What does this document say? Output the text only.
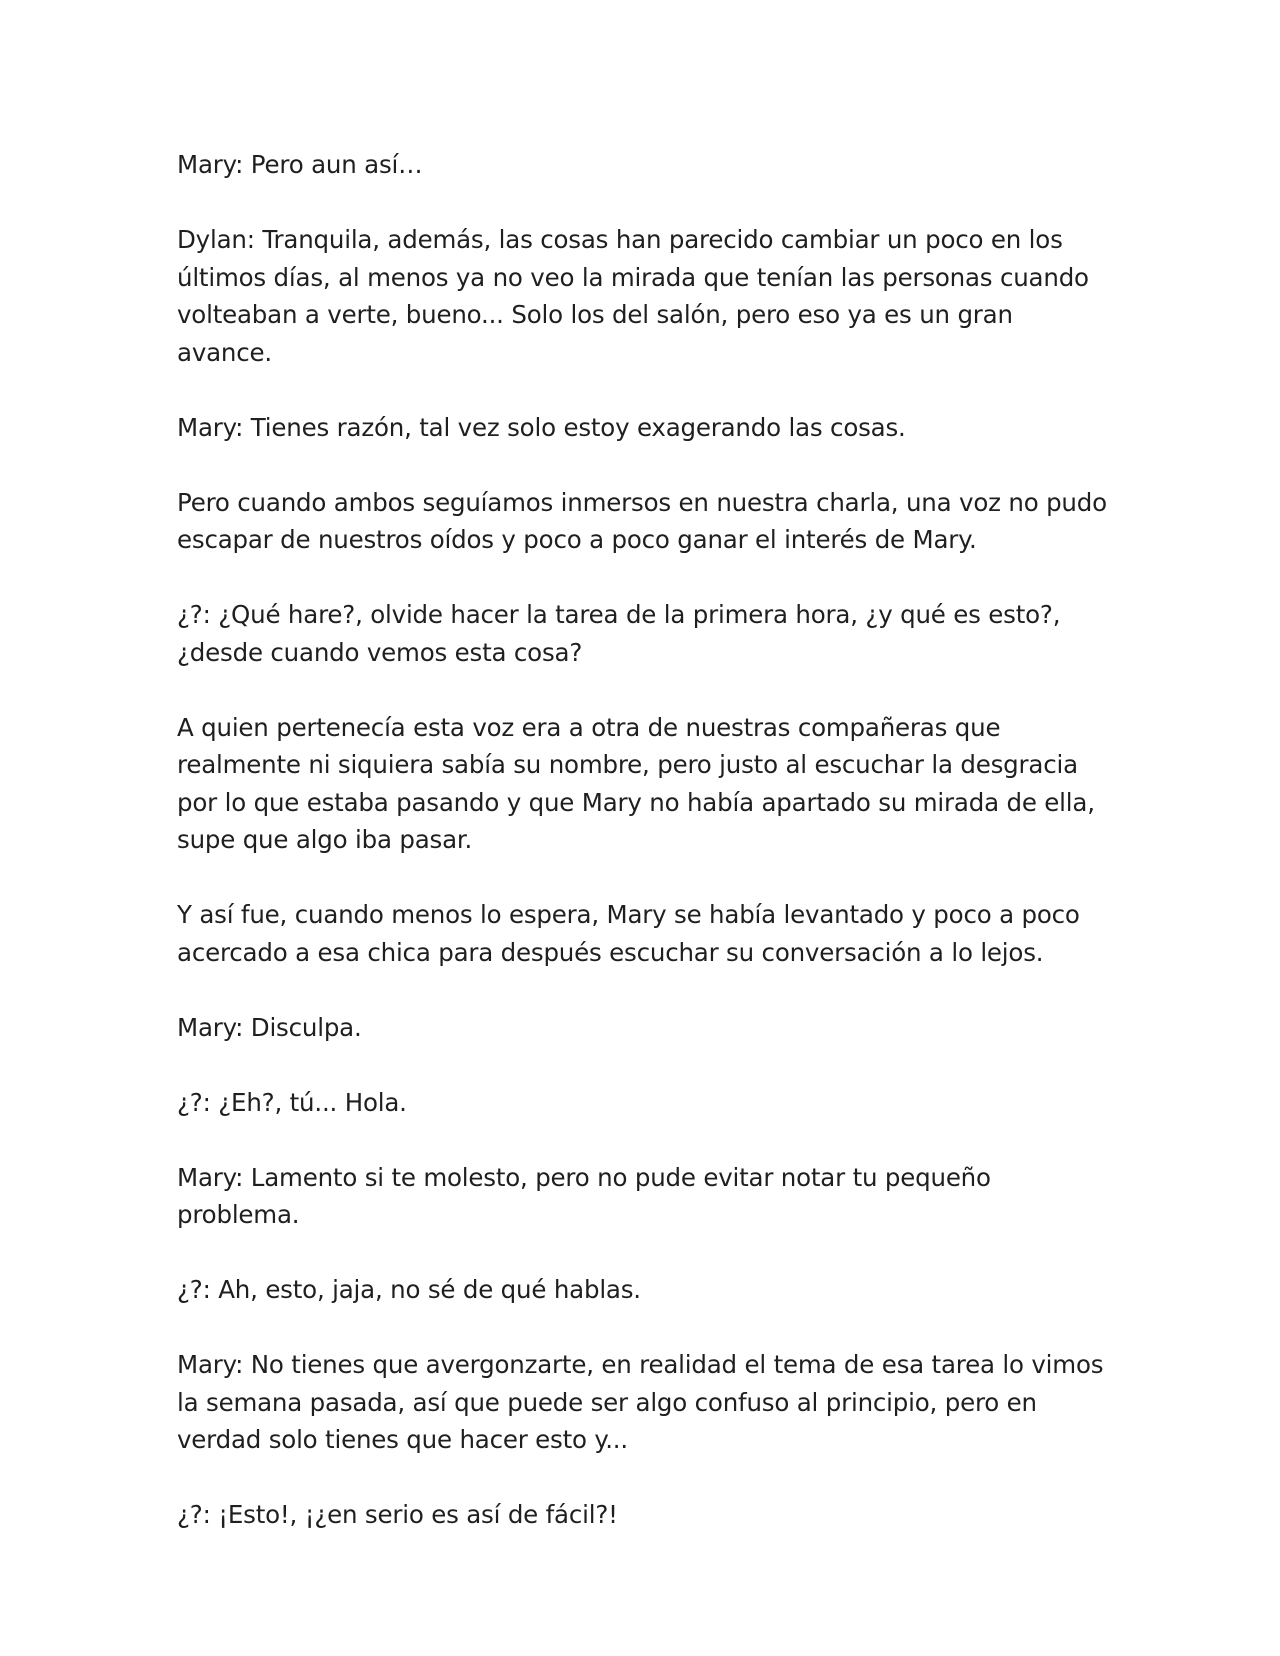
Mary: Pero aun así…

Dylan: Tranquila, además, las cosas han parecido cambiar un poco en los últimos días, al menos ya no veo la mirada que tenían las personas cuando volteaban a verte, bueno... Solo los del salón, pero eso ya es un gran avance.

Mary: Tienes razón, tal vez solo estoy exagerando las cosas.

Pero cuando ambos seguíamos inmersos en nuestra charla, una voz no pudo escapar de nuestros oídos y poco a poco ganar el interés de Mary.

¿?: ¿Qué hare?, olvide hacer la tarea de la primera hora, ¿y qué es esto?, ¿desde cuando vemos esta cosa?

A quien pertenecía esta voz era a otra de nuestras compañeras que realmente ni siquiera sabía su nombre, pero justo al escuchar la desgracia por lo que estaba pasando y que Mary no había apartado su mirada de ella, supe que algo iba pasar.

Y así fue, cuando menos lo espera, Mary se había levantado y poco a poco acercado a esa chica para después escuchar su conversación a lo lejos.

Mary: Disculpa.

¿?: ¿Eh?, tú... Hola.

Mary: Lamento si te molesto, pero no pude evitar notar tu pequeño problema.

¿?: Ah, esto, jaja, no sé de qué hablas.

Mary: No tienes que avergonzarte, en realidad el tema de esa tarea lo vimos la semana pasada, así que puede ser algo confuso al principio, pero en verdad solo tienes que hacer esto y...

¿?: ¡Esto!, ¡¿en serio es así de fácil?!
